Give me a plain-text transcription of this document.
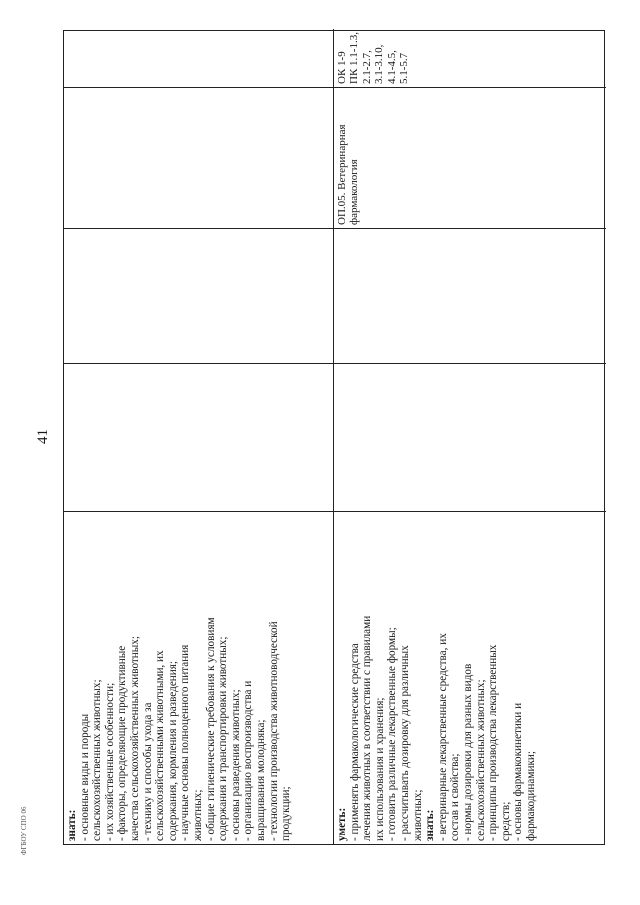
знать: - основные виды и породы сельскохозяйственных животных; - их хозяйственные особенности; - факторы, определяющие продуктивные качества сельскохозяйственных животных; - технику и способы ухода за сельскохозяйственными животными, их содержания, кормления и разведения; - научные основы полноценного питания животных; - общие гигиенические требования к условиям содержания и транспортировки животных; - основы разведения животных; - организацию воспроизводства и выращивания молодняка; - технологии производства животноводческой продукции;	уметь: - применять фармакологические средства лечения животных в соответствии с правилами их использования и хранения; - готовить различные лекарственные формы; - рассчитывать дозировку для различных животных; знать: - ветеринарные лекарственные средства, их состав и свойства; - нормы дозировки для разных видов сельскохозяйственных животных; - принципы производства лекарственных средств; - основы фармакокинетики и фармакодинамики;
ОП.05. Ветеринарная фармакология
ОК 1-9 ПК 1.1-1.3, 2.1-2.7, 3.1-3.10, 4.1-4.5, 5.1-5.7
41
ФГБОУ СПО 06
